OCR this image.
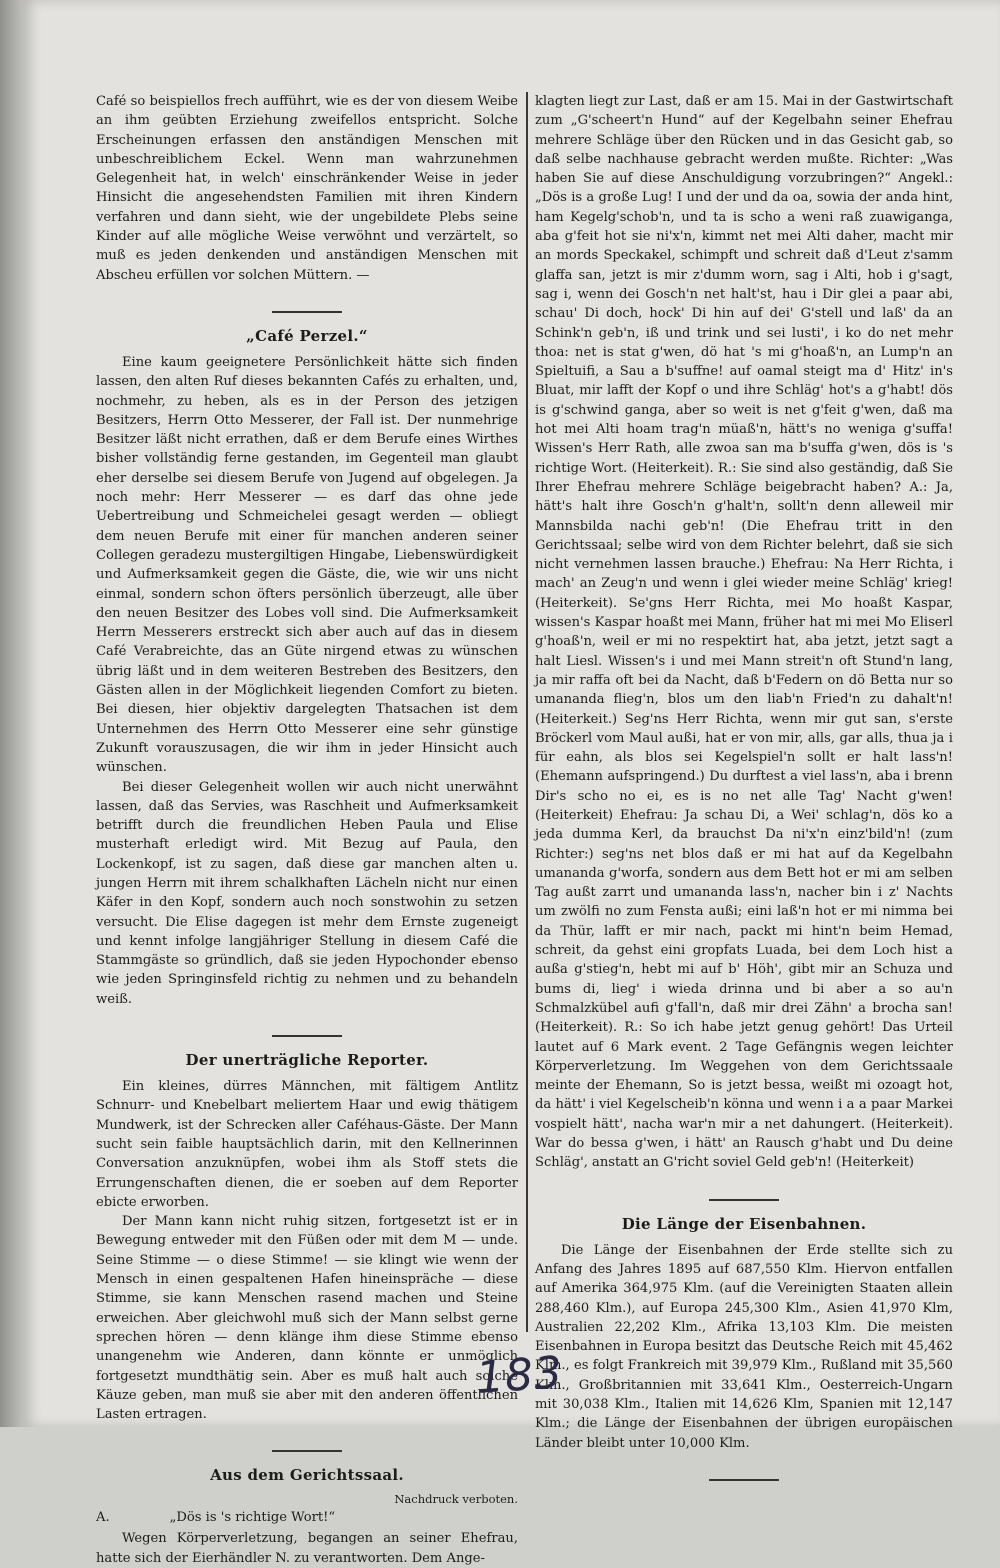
Café so beispiellos frech aufführt, wie es der von diesem Weibe an ihm geübten Erziehung zweifellos entspricht. Solche Erscheinungen erfassen den anständigen Menschen mit unbeschreiblichem Eckel. Wenn man wahrzunehmen Gelegenheit hat, in welch' einschränkender Weise in jeder Hinsicht die angesehendsten Familien mit ihren Kindern verfahren und dann sieht, wie der ungebildete Plebs seine Kinder auf alle mögliche Weise verwöhnt und verzärtelt, so muß es jeden denkenden und anständigen Menschen mit Abscheu erfüllen vor solchen Müttern. —

„Café Perzel.“

Eine kaum geeignetere Persönlichkeit hätte sich finden lassen, den alten Ruf dieses bekannten Cafés zu erhalten, und, nochmehr, zu heben, als es in der Person des jetzigen Besitzers, Herrn Otto Messerer, der Fall ist. Der nunmehrige Besitzer läßt nicht errathen, daß er dem Berufe eines Wirthes bisher vollständig ferne gestanden, im Gegenteil man glaubt eher derselbe sei diesem Berufe von Jugend auf obgelegen. Ja noch mehr: Herr Messerer — es darf das ohne jede Uebertreibung und Schmeichelei gesagt werden — obliegt dem neuen Berufe mit einer für manchen anderen seiner Collegen geradezu mustergiltigen Hingabe, Liebenswürdigkeit und Aufmerksamkeit gegen die Gäste, die, wie wir uns nicht einmal, sondern schon öfters persönlich überzeugt, alle über den neuen Besitzer des Lobes voll sind. Die Aufmerksamkeit Herrn Messerers erstreckt sich aber auch auf das in diesem Café Verabreichte, das an Güte nirgend etwas zu wünschen übrig läßt und in dem weiteren Bestreben des Besitzers, den Gästen allen in der Möglichkeit liegenden Comfort zu bieten. Bei diesen, hier objektiv dargelegten Thatsachen ist dem Unternehmen des Herrn Otto Messerer eine sehr günstige Zukunft vorauszusagen, die wir ihm in jeder Hinsicht auch wünschen.

Bei dieser Gelegenheit wollen wir auch nicht unerwähnt lassen, daß das Servies, was Raschheit und Aufmerksamkeit betrifft durch die freundlichen Heben Paula und Elise musterhaft erledigt wird. Mit Bezug auf Paula, den Lockenkopf, ist zu sagen, daß diese gar manchen alten u. jungen Herrn mit ihrem schalkhaften Lächeln nicht nur einen Käfer in den Kopf, sondern auch noch sonstwohin zu setzen versucht. Die Elise dagegen ist mehr dem Ernste zugeneigt und kennt infolge langjähriger Stellung in diesem Café die Stammgäste so gründlich, daß sie jeden Hypochonder ebenso wie jeden Springinsfeld richtig zu nehmen und zu behandeln weiß.

Der unerträgliche Reporter.

Ein kleines, dürres Männchen, mit fältigem Antlitz Schnurr- und Knebelbart meliertem Haar und ewig thätigem Mundwerk, ist der Schrecken aller Caféhaus-Gäste. Der Mann sucht sein faible hauptsächlich darin, mit den Kellnerinnen Conversation anzuknüpfen, wobei ihm als Stoff stets die Errungenschaften dienen, die er soeben auf dem Reporter ebicte erworben.

Der Mann kann nicht ruhig sitzen, fortgesetzt ist er in Bewegung entweder mit den Füßen oder mit dem M — unde. Seine Stimme — o diese Stimme! — sie klingt wie wenn der Mensch in einen gespaltenen Hafen hineinspräche — diese Stimme, sie kann Menschen rasend machen und Steine erweichen. Aber gleichwohl muß sich der Mann selbst gerne sprechen hören — denn klänge ihm diese Stimme ebenso unangenehm wie Anderen, dann könnte er unmöglich fortgesetzt mundthätig sein. Aber es muß halt auch solche Käuze geben, man muß sie aber mit den anderen öffentlichen Lasten ertragen.

Aus dem Gerichtssaal.
Nachdruck verboten.
A.	„Dös is 's richtige Wort!“

Wegen Körperverletzung, begangen an seiner Ehefrau, hatte sich der Eierhändler N. zu verantworten. Dem Ange-

klagten liegt zur Last, daß er am 15. Mai in der Gastwirtschaft zum „G'scheert'n Hund“ auf der Kegelbahn seiner Ehefrau mehrere Schläge über den Rücken und in das Gesicht gab, so daß selbe nachhause gebracht werden mußte. Richter: „Was haben Sie auf diese Anschuldigung vorzubringen?“ Angekl.: „Dös is a große Lug! I und der und da oa, sowia der anda hint, ham Kegelg'schob'n, und ta is scho a weni raß zuawiganga, aba g'feit hot sie ni'x'n, kimmt net mei Alti daher, macht mir an mords Speckakel, schimpft und schreit daß d'Leut z'samm glaffa san, jetzt is mir z'dumm worn, sag i Alti, hob i g'sagt, sag i, wenn dei Gosch'n net halt'st, hau i Dir glei a paar abi, schau' Di doch, hock' Di hin auf dei' G'stell und laß' da an Schink'n geb'n, iß und trink und sei lusti', i ko do net mehr thoa: net is stat g'wen, dö hat 's mi g'hoaß'n, an Lump'n an Spieltuifi, a Sau a b'suffne! auf oamal steigt ma d' Hitz' in's Bluat, mir lafft der Kopf o und ihre Schläg' hot's a g'habt! dös is g'schwind ganga, aber so weit is net g'feit g'wen, daß ma hot mei Alti hoam trag'n müaß'n, hätt's no weniga g'suffa! Wissen's Herr Rath, alle zwoa san ma b'suffa g'wen, dös is 's richtige Wort. (Heiterkeit). R.: Sie sind also geständig, daß Sie Ihrer Ehefrau mehrere Schläge beigebracht haben? A.: Ja, hätt's halt ihre Gosch'n g'halt'n, sollt'n denn alleweil mir Mannsbilda nachi geb'n! (Die Ehefrau tritt in den Gerichtssaal; selbe wird von dem Richter belehrt, daß sie sich nicht vernehmen lassen brauche.) Ehefrau: Na Herr Richta, i mach' an Zeug'n und wenn i glei wieder meine Schläg' krieg! (Heiterkeit). Se'gns Herr Richta, mei Mo hoaßt Kaspar, wissen's Kaspar hoaßt mei Mann, früher hat mi mei Mo Eliserl g'hoaß'n, weil er mi no respektirt hat, aba jetzt, jetzt sagt a halt Liesl. Wissen's i und mei Mann streit'n oft Stund'n lang, ja mir raffa oft bei da Nacht, daß b'Federn on dö Betta nur so umananda flieg'n, blos um den liab'n Fried'n zu dahalt'n! (Heiterkeit.) Seg'ns Herr Richta, wenn mir gut san, s'erste Bröckerl vom Maul außi, hat er von mir, alls, gar alls, thua ja i für eahn, als blos sei Kegelspiel'n sollt er halt lass'n! (Ehemann aufspringend.) Du durftest a viel lass'n, aba i brenn Dir's scho no ei, es is no net alle Tag' Nacht g'wen! (Heiterkeit) Ehefrau: Ja schau Di, a Wei' schlag'n, dös ko a jeda dumma Kerl, da brauchst Da ni'x'n einz'bild'n! (zum Richter:) seg'ns net blos daß er mi hat auf da Kegelbahn umananda g'worfa, sondern aus dem Bett hot er mi am selben Tag außt zarrt und umananda lass'n, nacher bin i z' Nachts um zwölfi no zum Fensta außi; eini laß'n hot er mi nimma bei da Thür, lafft er mir nach, packt mi hint'n beim Hemad, schreit, da gehst eini gropfats Luada, bei dem Loch hist a außa g'stieg'n, hebt mi auf b' Höh', gibt mir an Schuza und bums di, lieg' i wieda drinna und bi aber a so au'n Schmalzkübel aufi g'fall'n, daß mir drei Zähn' a brocha san! (Heiterkeit). R.: So ich habe jetzt genug gehört! Das Urteil lautet auf 6 Mark event. 2 Tage Gefängnis wegen leichter Körperverletzung. Im Weggehen von dem Gerichtssaale meinte der Ehemann, So is jetzt bessa, weißt mi ozoagt hot, da hätt' i viel Kegelscheib'n könna und wenn i a a paar Markei vospielt hätt', nacha war'n mir a net dahungert. (Heiterkeit). War do bessa g'wen, i hätt' an Rausch g'habt und Du deine Schläg', anstatt an G'richt soviel Geld geb'n! (Heiterkeit)

Die Länge der Eisenbahnen.

Die Länge der Eisenbahnen der Erde stellte sich zu Anfang des Jahres 1895 auf 687,550 Klm. Hiervon entfallen auf Amerika 364,975 Klm. (auf die Vereinigten Staaten allein 288,460 Klm.), auf Europa 245,300 Klm., Asien 41,970 Klm, Australien 22,202 Klm., Afrika 13,103 Klm. Die meisten Eisenbahnen in Europa besitzt das Deutsche Reich mit 45,462 Klm., es folgt Frankreich mit 39,979 Klm., Rußland mit 35,560 Klm., Großbritannien mit 33,641 Klm., Oesterreich-Ungarn mit 30,038 Klm., Italien mit 14,626 Klm, Spanien mit 12,147 Klm.; die Länge der Eisenbahnen der übrigen europäischen Länder bleibt unter 10,000 Klm.

183
